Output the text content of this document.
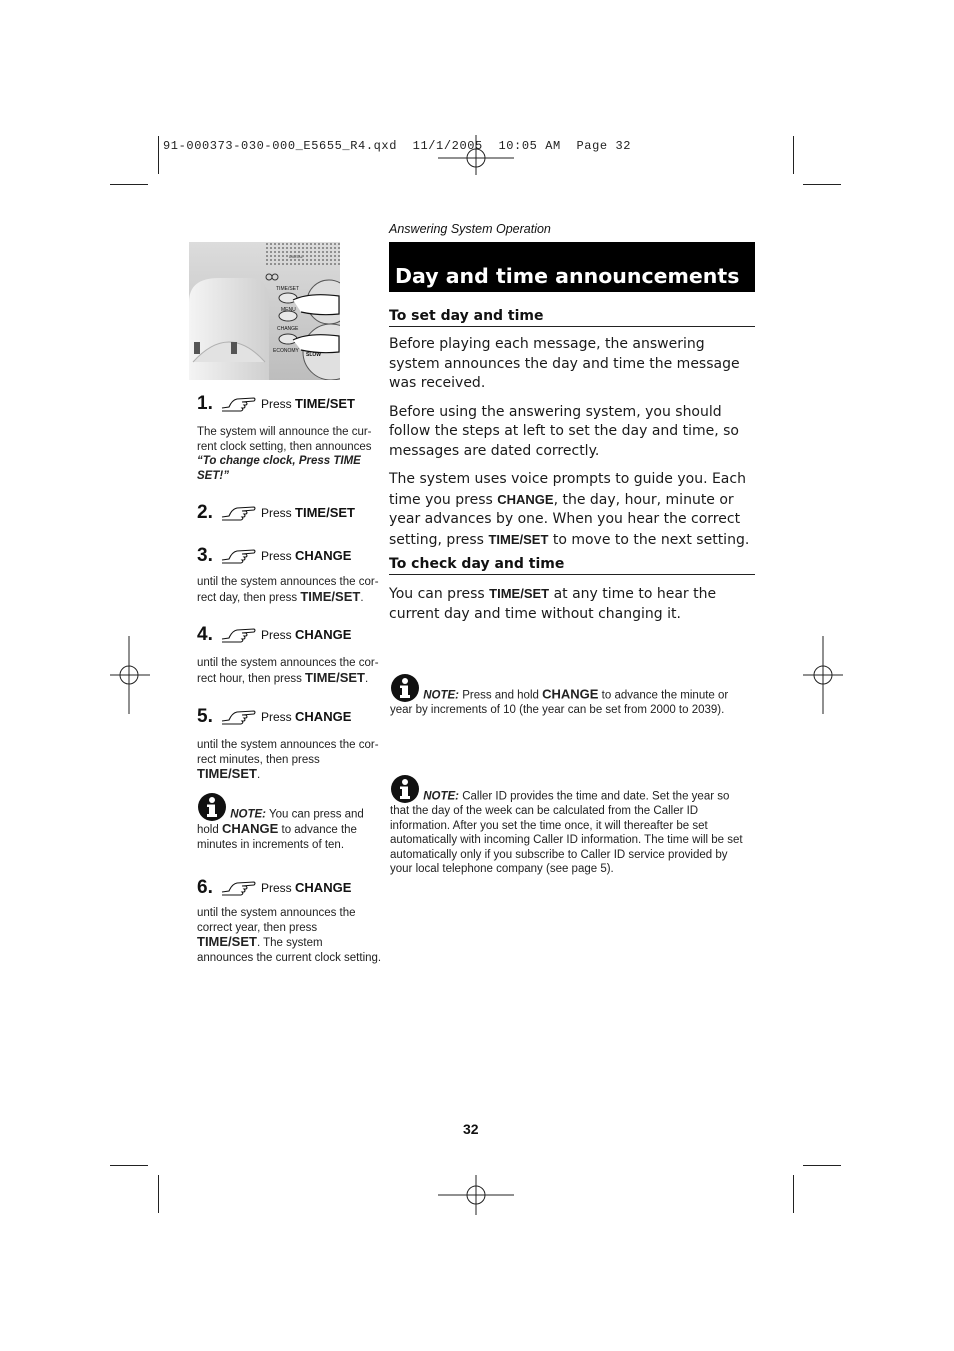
91-000373-030-000_E5655_R4.qxd  11/1/2005  10:05 AM  Page 32
Answering System Operation
Day and time announcements
DIGITAL
TIME/SET
MENU
CHANGE
ECONOMY
SLOW
1.	Press TIME/SET
The system will announce the cur-rent clock setting, then announces
“To change clock, Press TIME SET!”
2.	Press TIME/SET
3.	Press CHANGE
until the system announces the cor-rect day, then press TIME/SET.
4.	Press CHANGE
until the system announces the cor-rect hour, then press TIME/SET.
5.	Press CHANGE
until the system announces the cor-rect minutes, then press TIME/SET.
NOTE: You can press and hold CHANGE to advance the minutes in increments of ten.
6.	Press CHANGE
until the system announces the correct year, then press TIME/SET. The system announces the current clock setting.
To set day and time

Before playing each message, the answering system announces the day and time the message was received.

Before using the answering system, you should follow the steps at left to set the day and time, so messages are dated correctly.

The system uses voice prompts to guide you. Each time you press CHANGE, the day, hour, minute or year advances by one. When you hear the correct setting, press TIME/SET to move to the next setting.

To check day and time

You can press TIME/SET at any time to hear the current day and time without changing it.

NOTE: Press and hold CHANGE to advance the minute or year by increments of 10 (the year can be set from 2000 to 2039).
NOTE: Caller ID provides the time and date. Set the year so that the day of the week can be calculated from the Caller ID information. After you set the time once, it will thereafter be set automatically with incoming Caller ID information. The time will be set automatically only if you subscribe to Caller ID service provided by your local telephone company (see page 5).
32
